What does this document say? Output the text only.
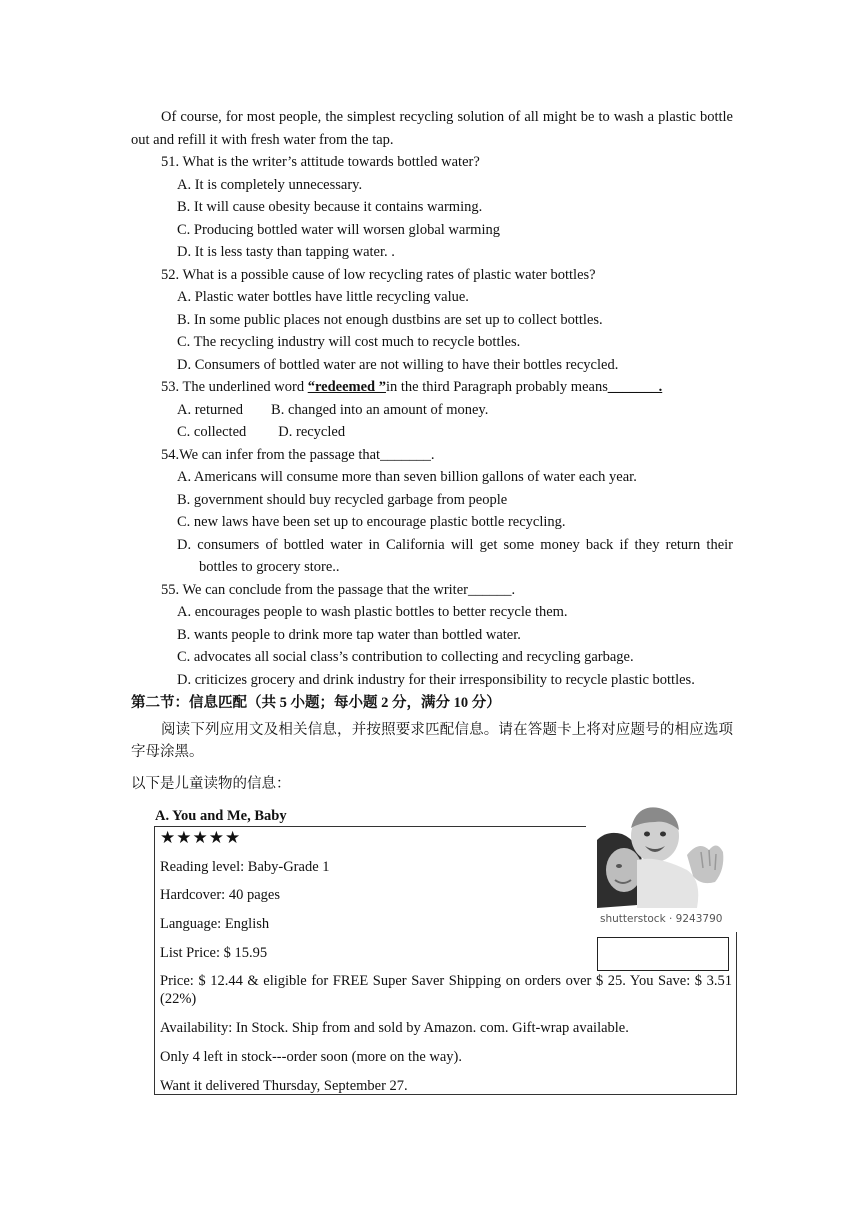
Of course, for most people, the simplest recycling solution of all might be to wash a plastic bottle out and refill it with fresh water from the tap.
51. What is the writer’s attitude towards bottled water?
A. It is completely unnecessary.
B. It will cause obesity because it contains warming.
C. Producing bottled water will worsen global warming
D. It is less tasty than tapping water. .
52. What is a possible cause of low recycling rates of plastic water bottles?
A. Plastic water bottles have little recycling value.
B. In some public places not enough dustbins are set up to collect bottles.
C. The recycling industry will cost much to recycle bottles.
D. Consumers of bottled water are not willing to have their bottles recycled.
53. The underlined word “redeemed ”in the third Paragraph probably means_______.
A. returned B. changed into an amount of money.
C. collected D. recycled
54.We can infer from the passage that_______.
A. Americans will consume more than seven billion gallons of water each year.
B. government should buy recycled garbage from people
C. new laws have been set up to encourage plastic bottle recycling.
D. consumers of bottled water in California will get some money back if they return their
bottles to grocery store..
55. We can conclude from the passage that the writer______.
A. encourages people to wash plastic bottles to better recycle them.
B. wants people to drink more tap water than bottled water.
C. advocates all social class’s contribution to collecting and recycling garbage.
D. criticizes grocery and drink industry for their irresponsibility to recycle plastic bottles.
第二节：信息匹配（共 5 小题；每小题 2 分，满分 10 分）
阅读下列应用文及相关信息，并按照要求匹配信息。请在答题卡上将对应题号的相应选项字母涂黑。
以下是儿童读物的信息：
A. You and Me, Baby
★★★★★
Reading level: Baby-Grade 1
Hardcover: 40 pages
Language: English
List Price: $ 15.95
Price: $ 12.44 & eligible for FREE Super Saver Shipping on orders over $ 25. You Save: $ 3.51 (22%)
Availability: In Stock. Ship from and sold by Amazon. com. Gift-wrap available.
Only 4 left in stock---order soon (more on the way).
Want it delivered Thursday, September 27.
shutterstock · 9243790
